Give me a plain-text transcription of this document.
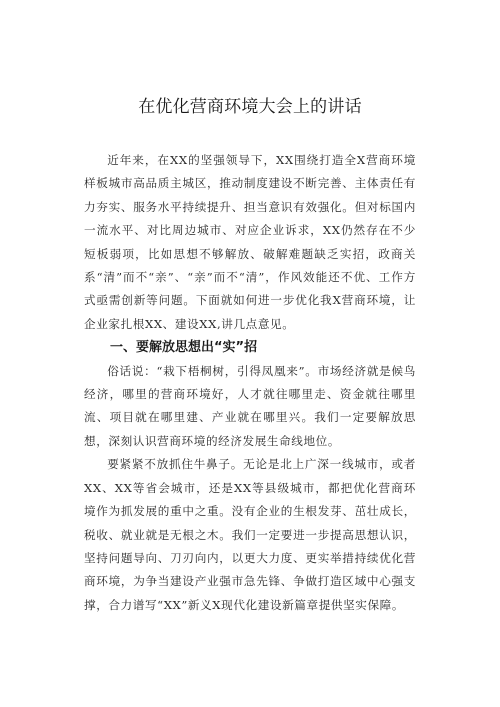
在优化营商环境大会上的讲话

近年来，在XX的坚强领导下，XX围绕打造全X营商环境样板城市高品质主城区，推动制度建设不断完善、主体责任有力夯实、服务水平持续提升、担当意识有效强化。但对标国内一流水平、对比周边城市、对应企业诉求，XX仍然存在不少短板弱项，比如思想不够解放、破解难题缺乏实招，政商关系“清”而不“亲”、“亲”而不“清”，作风效能还不优、工作方式亟需创新等问题。下面就如何进一步优化我X营商环境，让企业家扎根XX、建设XX,讲几点意见。

一、要解放思想出“实”招

俗话说：“栽下梧桐树，引得凤凰来”。市场经济就是候鸟经济，哪里的营商环境好，人才就往哪里走、资金就往哪里流、项目就在哪里建、产业就在哪里兴。我们一定要解放思想，深刻认识营商环境的经济发展生命线地位。

要紧紧不放抓住牛鼻子。无论是北上广深一线城市，或者XX、XX等省会城市，还是XX等县级城市，都把优化营商环境作为抓发展的重中之重。没有企业的生根发芽、茁壮成长，税收、就业就是无根之木。我们一定要进一步提高思想认识，坚持问题导向、刀刃向内，以更大力度、更实举措持续优化营商环境，为争当建设产业强市急先锋、争做打造区域中心强支撑，合力谱写“XX”新义X现代化建设新篇章提供坚实保障。
